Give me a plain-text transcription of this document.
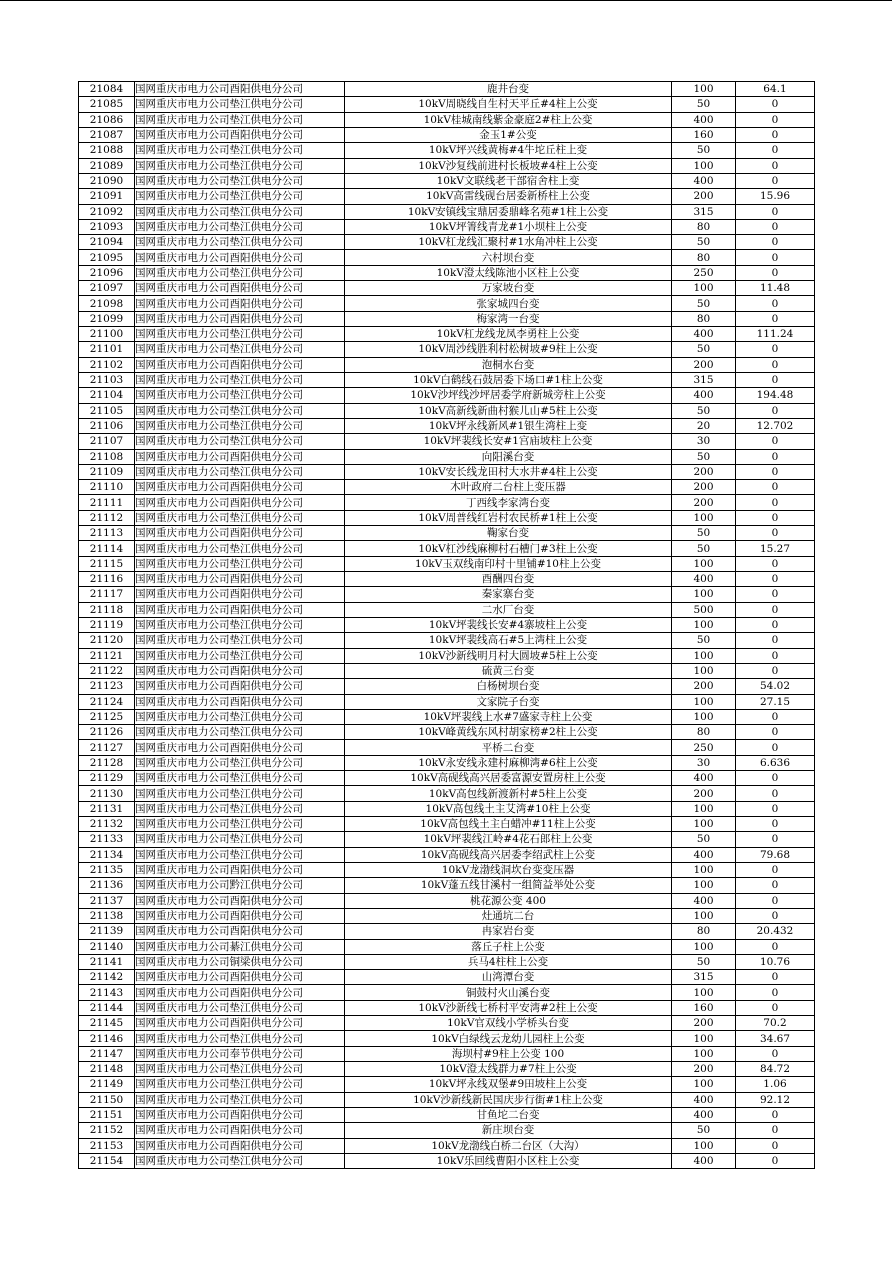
21084	国网重庆市电力公司酉阳供电分公司	鹿井台变	100	64.1
21085	国网重庆市电力公司垫江供电分公司	10kV周晓线自生村天平丘#4柱上公变	50	0
21086	国网重庆市电力公司垫江供电分公司	10kV桂城南线紫金豪庭2#柱上公变	400	0
21087	国网重庆市电力公司酉阳供电分公司	金玉1#公变	160	0
21088	国网重庆市电力公司垫江供电分公司	10kV坪兴线黄梅#4牛坨丘柱上变	50	0
21089	国网重庆市电力公司垫江供电分公司	10kV沙复线前进村长板坡#4柱上公变	100	0
21090	国网重庆市电力公司垫江供电分公司	10kV文联线老干部宿舍柱上变	400	0
21091	国网重庆市电力公司垫江供电分公司	10kV高雷线砚台居委新桥柱上公变	200	15.96
21092	国网重庆市电力公司垫江供电分公司	10kV安镇线宝鼎居委鼎峰名苑#1柱上公变	315	0
21093	国网重庆市电力公司垫江供电分公司	10kV坪箐线青龙#1小坝柱上公变	80	0
21094	国网重庆市电力公司垫江供电分公司	10kV杠龙线汇聚村#1水角冲柱上公变	50	0
21095	国网重庆市电力公司酉阳供电分公司	六村坝台变	80	0
21096	国网重庆市电力公司垫江供电分公司	10kV澄太线陈池小区柱上公变	250	0
21097	国网重庆市电力公司酉阳供电分公司	万家坡台变	100	11.48
21098	国网重庆市电力公司酉阳供电分公司	张家城四台变	50	0
21099	国网重庆市电力公司酉阳供电分公司	梅家湾一台变	80	0
21100	国网重庆市电力公司垫江供电分公司	10kV杠龙线龙凤李勇柱上公变	400	111.24
21101	国网重庆市电力公司垫江供电分公司	10kV周沙线胜利村松树坡#9柱上公变	50	0
21102	国网重庆市电力公司酉阳供电分公司	泡桐水台变	200	0
21103	国网重庆市电力公司垫江供电分公司	10kV白鹤线石鼓居委下场口#1柱上公变	315	0
21104	国网重庆市电力公司垫江供电分公司	10kV沙坪线沙坪居委学府新城旁柱上公变	400	194.48
21105	国网重庆市电力公司垫江供电分公司	10kV高新线新曲村猴儿山#5柱上公变	50	0
21106	国网重庆市电力公司垫江供电分公司	10kV坪永线新风#1银生湾柱上变	20	12.702
21107	国网重庆市电力公司垫江供电分公司	10kV坪裴线长安#1宫庙坡柱上公变	30	0
21108	国网重庆市电力公司酉阳供电分公司	向阳溪台变	50	0
21109	国网重庆市电力公司垫江供电分公司	10kV安长线龙田村大水井#4柱上公变	200	0
21110	国网重庆市电力公司酉阳供电分公司	木叶政府二台柱上变压器	200	0
21111	国网重庆市电力公司酉阳供电分公司	丁西线李家湾台变	200	0
21112	国网重庆市电力公司垫江供电分公司	10kV周普线红岩村农民桥#1柱上公变	100	0
21113	国网重庆市电力公司酉阳供电分公司	鞠家台变	50	0
21114	国网重庆市电力公司垫江供电分公司	10kV杠沙线麻柳村石槽门#3柱上公变	50	15.27
21115	国网重庆市电力公司垫江供电分公司	10kV玉双线南印村十里铺#10柱上公变	100	0
21116	国网重庆市电力公司酉阳供电分公司	酉酬四台变	400	0
21117	国网重庆市电力公司酉阳供电分公司	秦家寨台变	100	0
21118	国网重庆市电力公司酉阳供电分公司	二水厂台变	500	0
21119	国网重庆市电力公司垫江供电分公司	10kV坪裴线长安#4寨坡柱上公变	100	0
21120	国网重庆市电力公司垫江供电分公司	10kV坪裴线高石#5上湾柱上公变	50	0
21121	国网重庆市电力公司垫江供电分公司	10kV沙新线明月村大圆坡#5柱上公变	100	0
21122	国网重庆市电力公司酉阳供电分公司	硫黄三台变	100	0
21123	国网重庆市电力公司酉阳供电分公司	白杨树坝台变	200	54.02
21124	国网重庆市电力公司酉阳供电分公司	文家院子台变	100	27.15
21125	国网重庆市电力公司垫江供电分公司	10kV坪裴线上水#7盛家寺柱上公变	100	0
21126	国网重庆市电力公司垫江供电分公司	10kV峰黄线东风村胡家榜#2柱上公变	80	0
21127	国网重庆市电力公司酉阳供电分公司	平桥二台变	250	0
21128	国网重庆市电力公司垫江供电分公司	10kV永安线永建村麻柳湾#6柱上公变	30	6.636
21129	国网重庆市电力公司垫江供电分公司	10kV高砚线高兴居委富源安置房柱上公变	400	0
21130	国网重庆市电力公司垫江供电分公司	10kV高包线新渡新村#5柱上公变	200	0
21131	国网重庆市电力公司垫江供电分公司	10kV高包线土主艾湾#10柱上公变	100	0
21132	国网重庆市电力公司垫江供电分公司	10kV高包线土主白蜡冲#11柱上公变	100	0
21133	国网重庆市电力公司垫江供电分公司	10kV坪裴线江岭#4花石郎柱上公变	50	0
21134	国网重庆市电力公司垫江供电分公司	10kV高砚线高兴居委李绍武柱上公变	400	79.68
21135	国网重庆市电力公司酉阳供电分公司	10kV龙渤线洞坎台变变压器	100	0
21136	国网重庆市电力公司黔江供电分公司	10kV蓬五线甘溪村一组简益举处公变	100	0
21137	国网重庆市电力公司酉阳供电分公司	桃花源公变 400	400	0
21138	国网重庆市电力公司酉阳供电分公司	灶通坑二台	100	0
21139	国网重庆市电力公司酉阳供电分公司	冉家岩台变	80	20.432
21140	国网重庆市电力公司綦江供电分公司	落丘子柱上公变	100	0
21141	国网重庆市电力公司铜梁供电分公司	兵马4柱柱上公变	50	10.76
21142	国网重庆市电力公司酉阳供电分公司	山湾潭台变	315	0
21143	国网重庆市电力公司酉阳供电分公司	铜鼓村火山溪台变	100	0
21144	国网重庆市电力公司垫江供电分公司	10kV沙新线七桥村平安湾#2柱上公变	160	0
21145	国网重庆市电力公司酉阳供电分公司	10kV官双线小学桥头台变	200	70.2
21146	国网重庆市电力公司垫江供电分公司	10kV白绿线云龙幼儿园柱上公变	100	34.67
21147	国网重庆市电力公司奉节供电分公司	海坝村#9柱上公变 100	100	0
21148	国网重庆市电力公司垫江供电分公司	10kV澄太线群力#7柱上公变	200	84.72
21149	国网重庆市电力公司垫江供电分公司	10kV坪永线双堡#9田坡柱上公变	100	1.06
21150	国网重庆市电力公司垫江供电分公司	10kV沙新线新民国庆步行街#1柱上公变	400	92.12
21151	国网重庆市电力公司酉阳供电分公司	甘鱼坨二台变	400	0
21152	国网重庆市电力公司酉阳供电分公司	新庄坝台变	50	0
21153	国网重庆市电力公司酉阳供电分公司	10kV龙渤线白桥二台区（大沟）	100	0
21154	国网重庆市电力公司垫江供电分公司	10kV乐回线曹阳小区柱上公变	400	0
